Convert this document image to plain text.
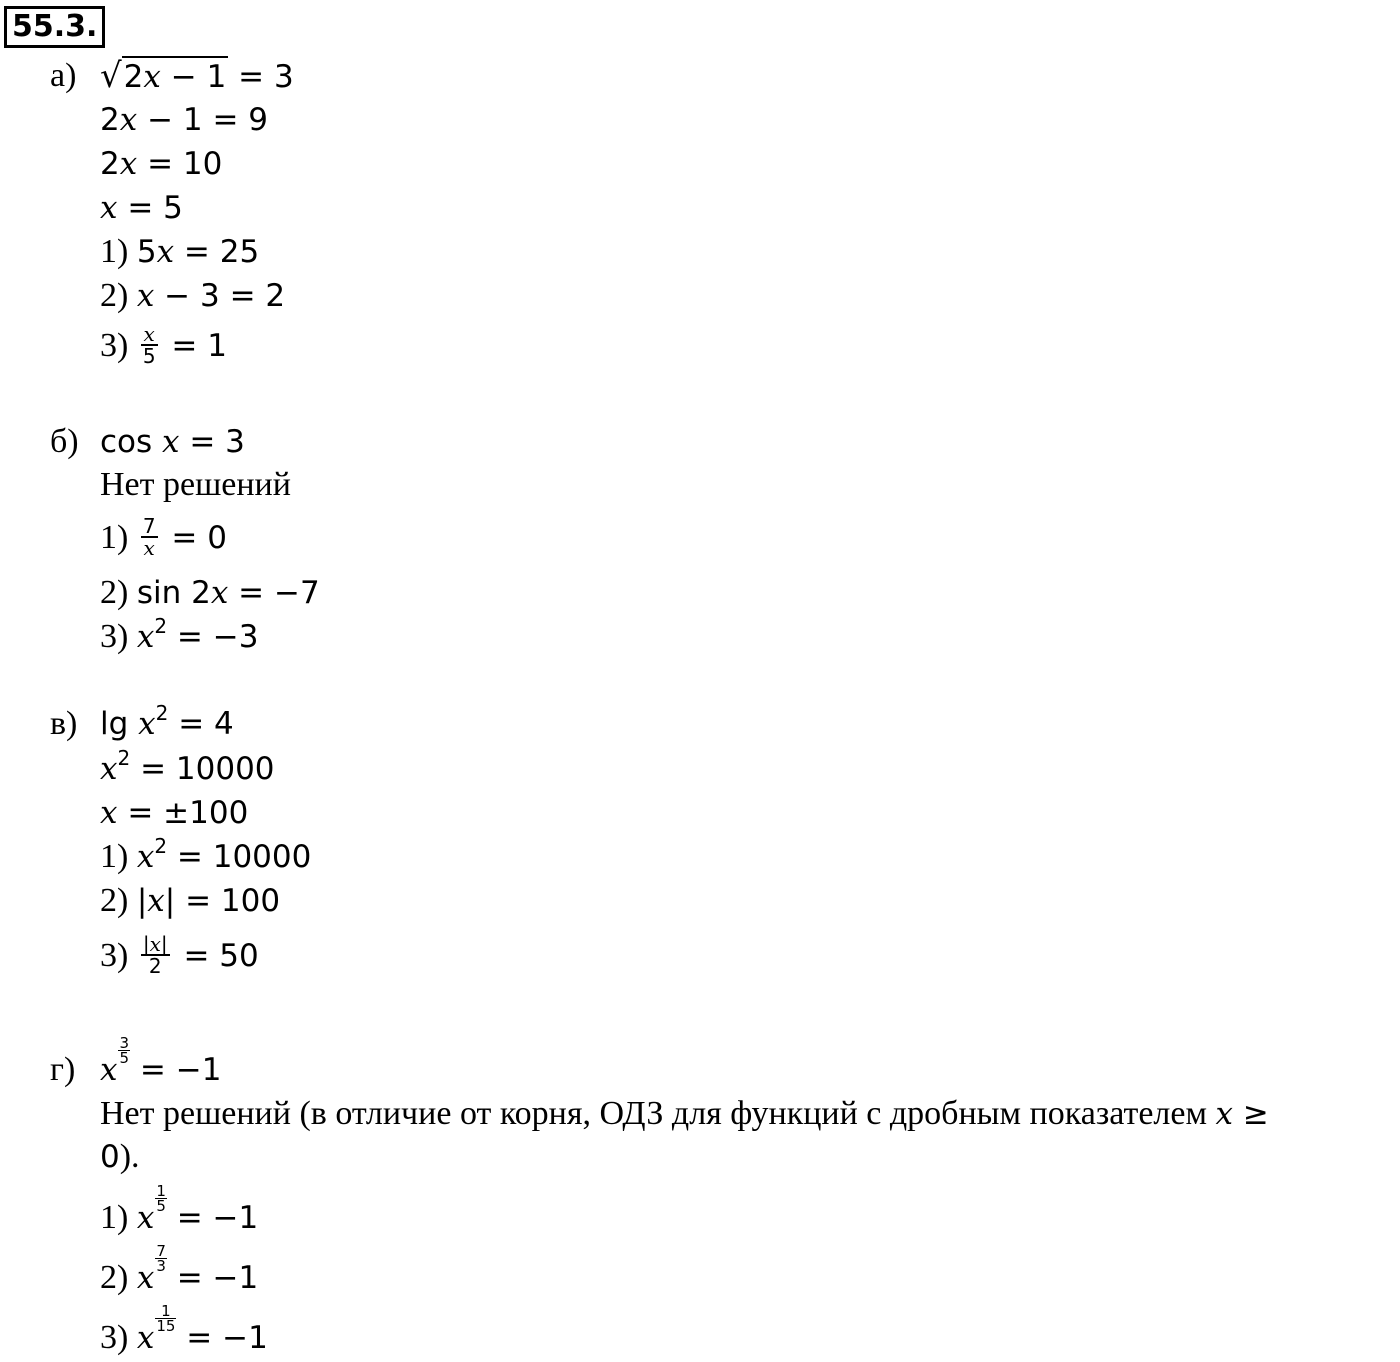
55.3.
а) √2x − 1 = 3
2x − 1 = 9
2x = 10
x = 5
1) 5x = 25
2) x − 3 = 2
$3) \frac{x}{5} = 1$
б) cos x = 3
Нет решений
$1) \frac{7}{x} = 0$
2) sin 2x = −7
3) $x^2 = -3$
в) $\lg x^2 = 4$
$x^2 = 10000$
x = ±100
1) $x^2 = 10000$
2) |x| = 100
$3) \frac{|x|}{2} = 50$
г) x
$\frac{3}{5}$
= −1
Нет решений (в отличие от корня, ОДЗ для функций с дробным показателем x ≥
0).
1) x
$\frac{1}{5}$
= −1
2) x
$\frac{7}{3}$
= −1
3) x
$\frac{1}{15}$
= −1
